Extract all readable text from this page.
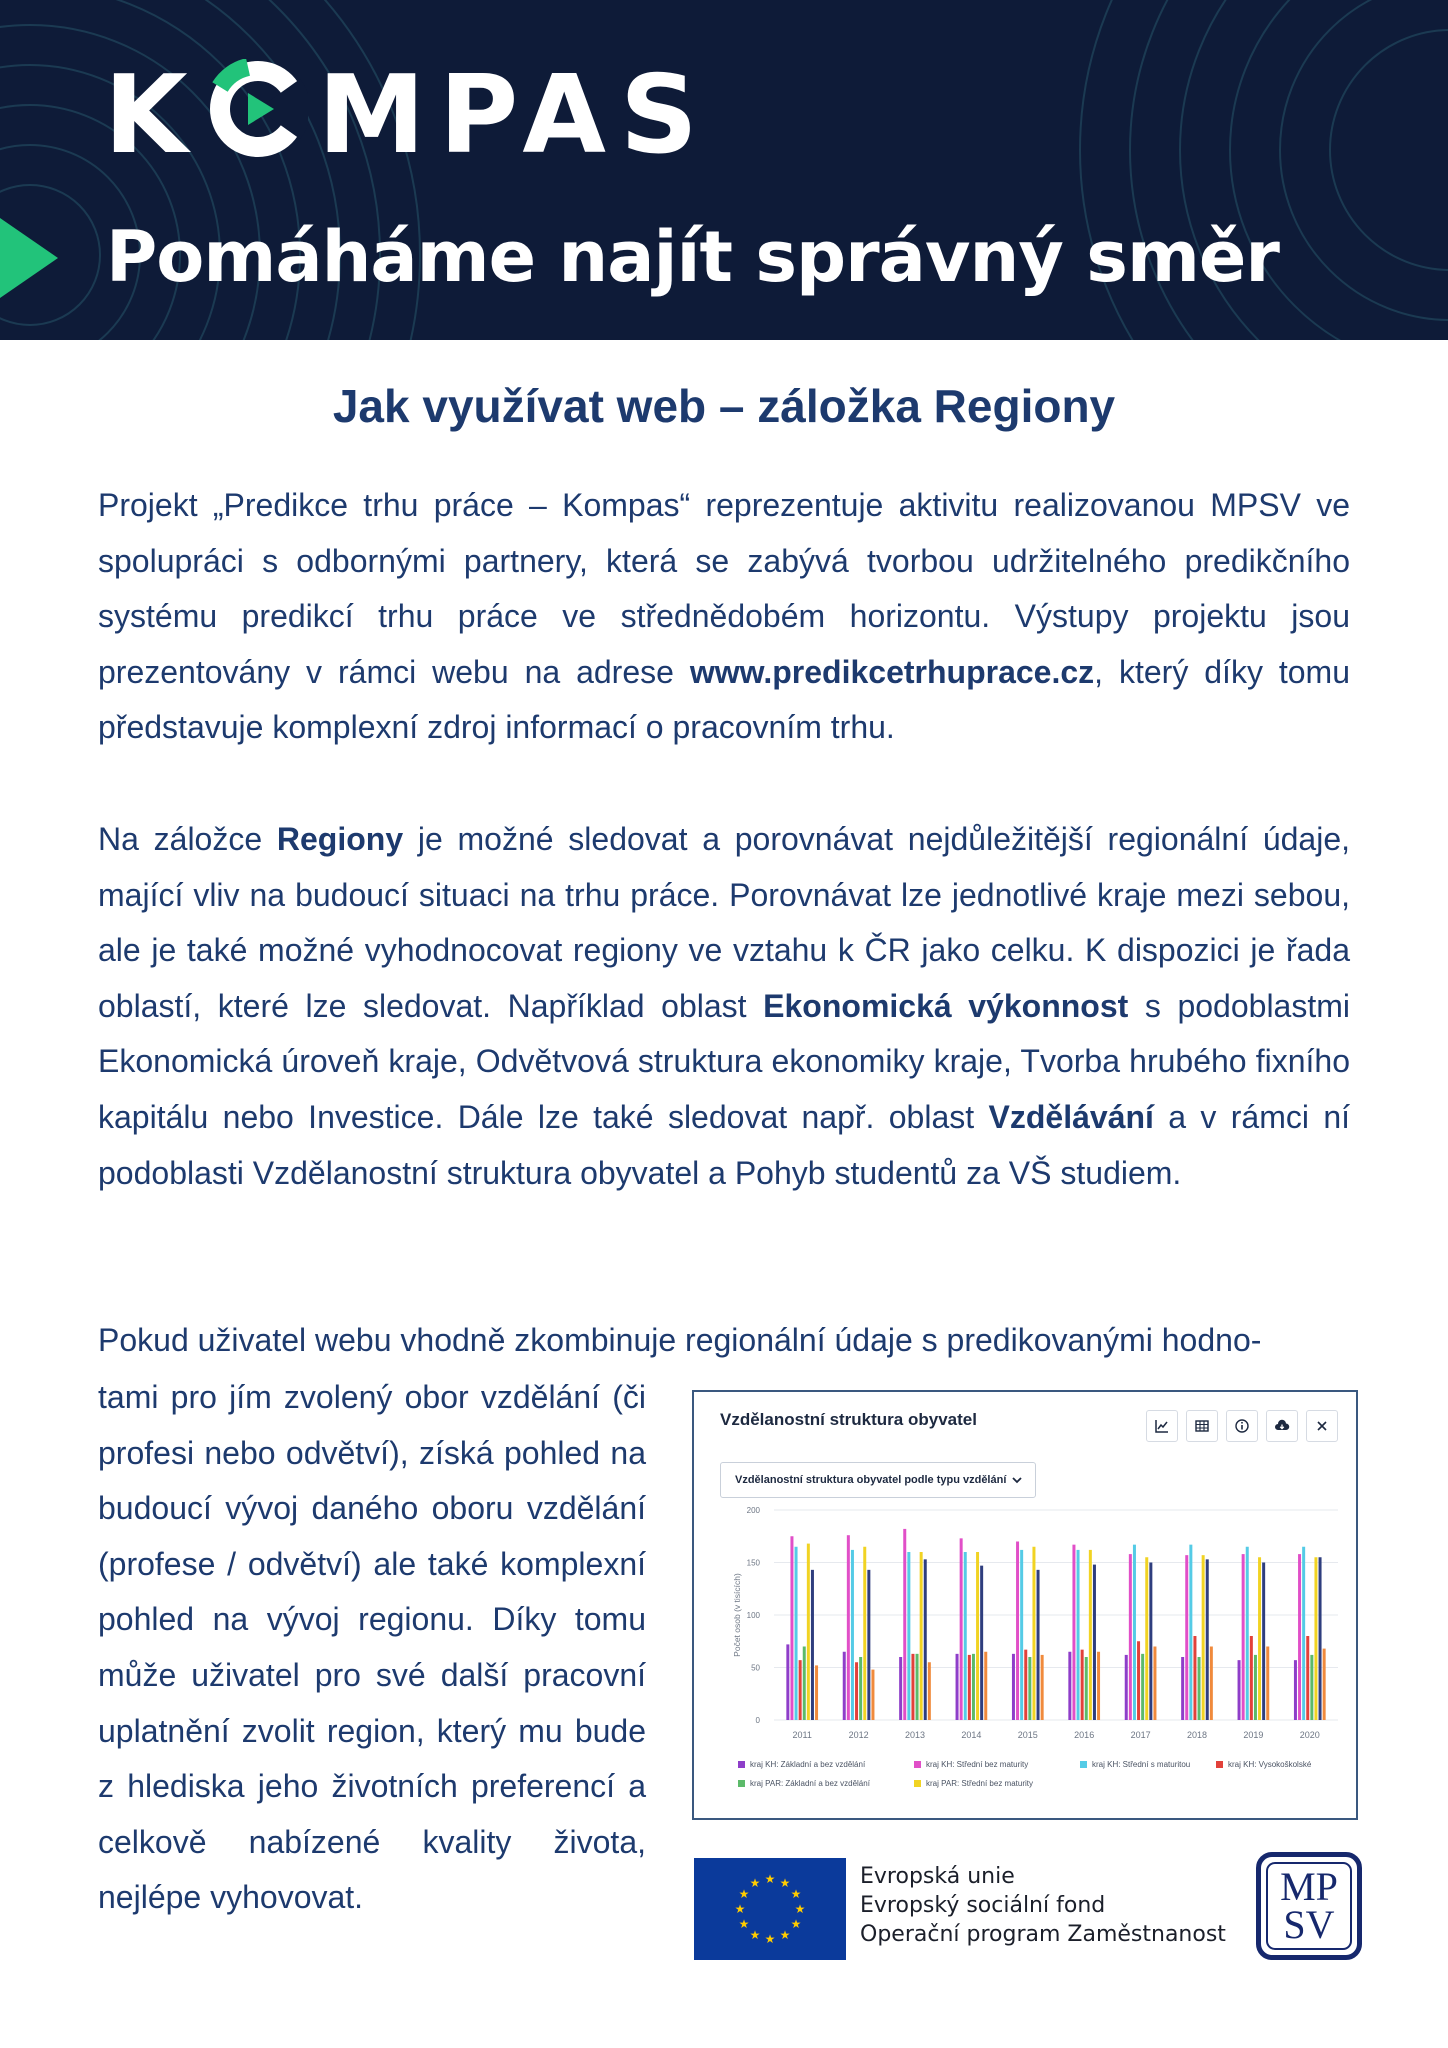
K MPAS
Pomáháme najít správný směr
Jak využívat web – záložka Regiony
Projekt „Predikce trhu práce – Kompas“ reprezentuje aktivitu realizovanou MPSV ve spolupráci s odbornými partnery, která se zabývá tvorbou udržitelného predikčního systému predikcí trhu práce ve střednědobém horizontu. Výstupy projektu jsou prezentovány v rámci webu na adrese www.predikcetrhuprace.cz, který díky tomu představuje komplexní zdroj informací o pracovním trhu.
Na záložce Regiony je možné sledovat a porovnávat nejdůležitější regionální údaje, mající vliv na budoucí situaci na trhu práce. Porovnávat lze jednotlivé kraje mezi sebou, ale je také možné vyhodnocovat regiony ve vztahu k ČR jako celku. K dispozici je řada oblastí, které lze sledovat. Například oblast Ekonomická výkonnost s podoblastmi Ekonomická úroveň kraje, Odvětvová struktura ekonomiky kraje, Tvorba hrubého fixního kapitálu nebo Investice. Dále lze také sledovat např. oblast Vzdělávání a v rámci ní podoblasti Vzdělanostní struktura obyvatel a Pohyb studentů za VŠ studiem.
Pokud uživatel webu vhodně zkombinuje regionální údaje s predikovanými hodno-
tami pro jím zvolený obor vzdělání (či profesi nebo odvětví), získá pohled na budoucí vývoj daného oboru vzdělání (profese / odvětví) ale také komplexní pohled na vývoj regionu. Díky tomu může uživatel pro své další pracovní uplatnění zvolit region, který mu bude z hlediska jeho životních preferencí a celkově nabízené kvality života, nejlépe vyhovovat.
Vzdělanostní struktura obyvatel
Vzdělanostní struktura obyvatel podle typu vzdělání
0
50
100
150
200
Počet osob (v tisících)
2011	2012	2013	2014	2015	2016	2017	2018	2019	2020
kraj KH: Základní a bez vzdělání	kraj KH: Střední bez maturity	kraj KH: Střední s maturitou	kraj KH: Vysokoškolské
kraj PAR: Základní a bez vzdělání	kraj PAR: Střední bez maturity
★
★
★
★
★
★
★
★
★ ★ ★
★
Evropská unie
Evropský sociální fond
Operační program Zaměstnanost
MP
SV
